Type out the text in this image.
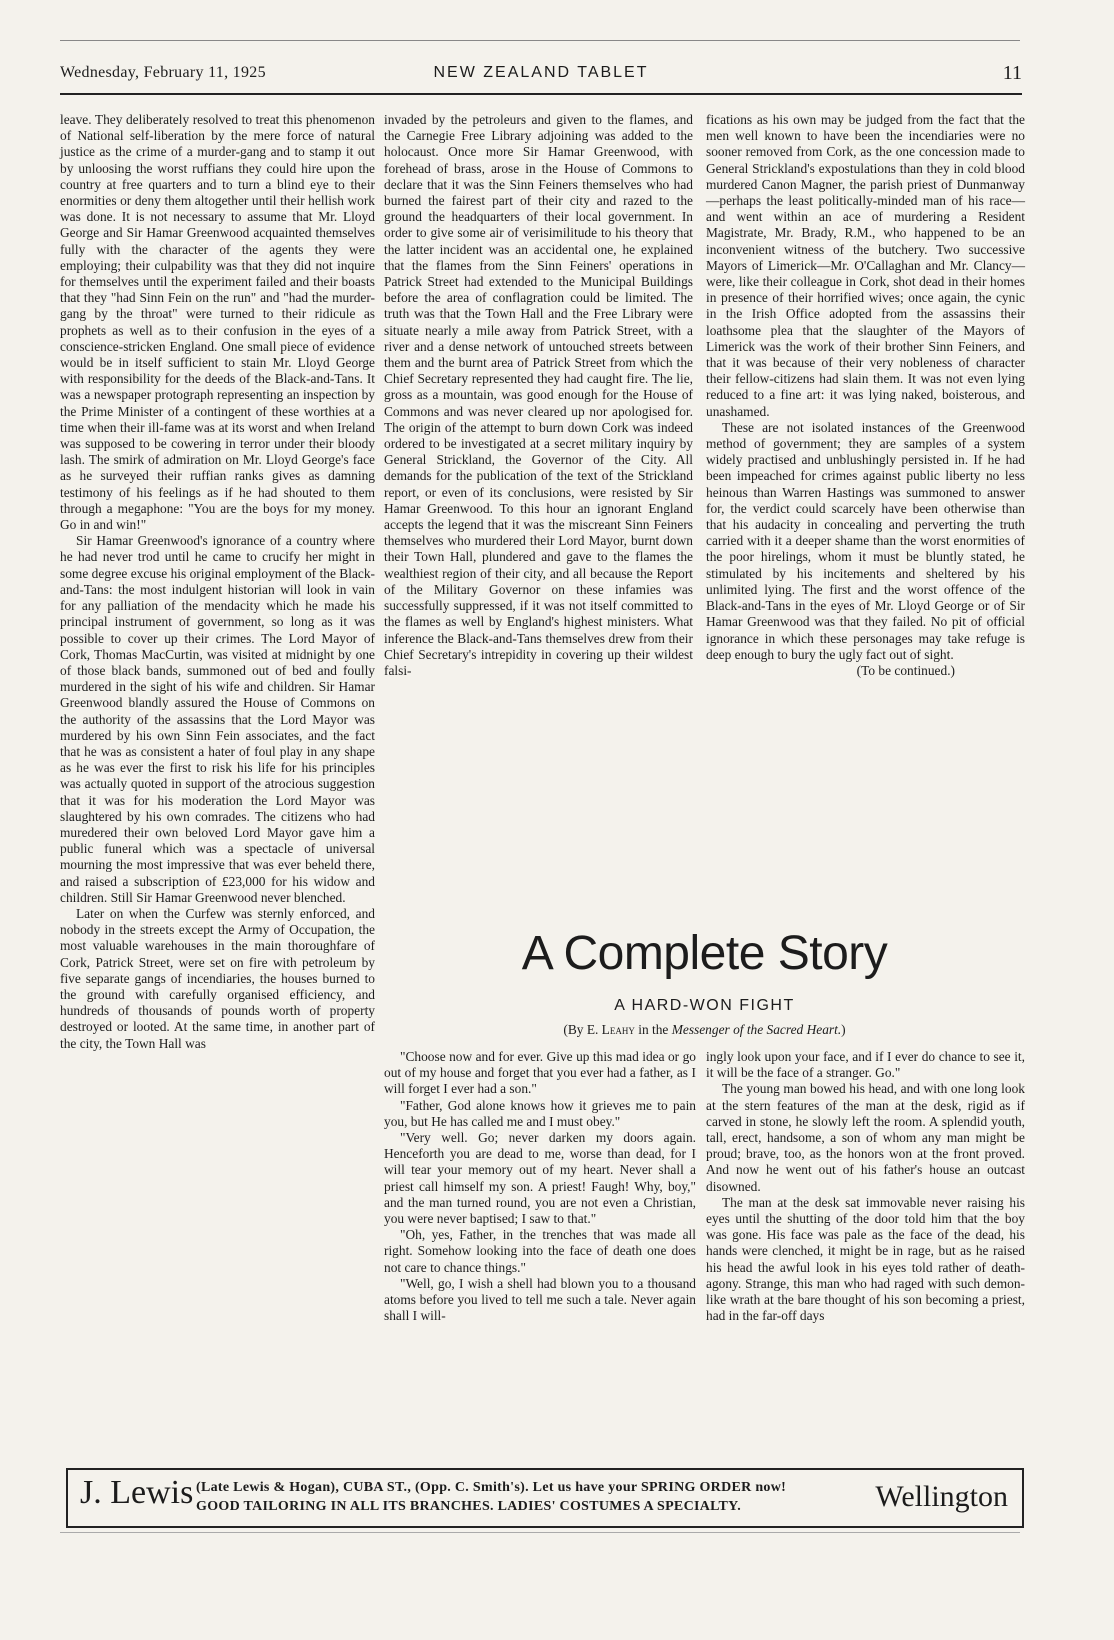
Wednesday, February 11, 1925	NEW ZEALAND TABLET	11

leave. They deliberately resolved to treat this phenomenon of National self-liberation by the mere force of natural justice as the crime of a murder-gang and to stamp it out by unloosing the worst ruffians they could hire upon the country at free quarters and to turn a blind eye to their enormities or deny them altogether until their hellish work was done. It is not necessary to assume that Mr. Lloyd George and Sir Hamar Greenwood acquainted themselves fully with the character of the agents they were employing; their culpability was that they did not inquire for themselves until the experiment failed and their boasts that they "had Sinn Fein on the run" and "had the murder-gang by the throat" were turned to their ridicule as prophets as well as to their confusion in the eyes of a conscience-stricken England. One small piece of evidence would be in itself sufficient to stain Mr. Lloyd George with responsibility for the deeds of the Black-and-Tans. It was a newspaper protograph representing an inspection by the Prime Minister of a contingent of these worthies at a time when their ill-fame was at its worst and when Ireland was supposed to be cowering in terror under their bloody lash. The smirk of admiration on Mr. Lloyd George's face as he surveyed their ruffian ranks gives as damning testimony of his feelings as if he had shouted to them through a megaphone: "You are the boys for my money. Go in and win!"

Sir Hamar Greenwood's ignorance of a country where he had never trod until he came to crucify her might in some degree excuse his original employment of the Black-and-Tans: the most indulgent historian will look in vain for any palliation of the mendacity which he made his principal instrument of government, so long as it was possible to cover up their crimes. The Lord Mayor of Cork, Thomas MacCurtin, was visited at midnight by one of those black bands, summoned out of bed and foully murdered in the sight of his wife and children. Sir Hamar Greenwood blandly assured the House of Commons on the authority of the assassins that the Lord Mayor was murdered by his own Sinn Fein associates, and the fact that he was as consistent a hater of foul play in any shape as he was ever the first to risk his life for his principles was actually quoted in support of the atrocious suggestion that it was for his moderation the Lord Mayor was slaughtered by his own comrades. The citizens who had muredered their own beloved Lord Mayor gave him a public funeral which was a spectacle of universal mourning the most impressive that was ever beheld there, and raised a subscription of £23,000 for his widow and children. Still Sir Hamar Greenwood never blenched.

Later on when the Curfew was sternly enforced, and nobody in the streets except the Army of Occupation, the most valuable warehouses in the main thoroughfare of Cork, Patrick Street, were set on fire with petroleum by five separate gangs of incendiaries, the houses burned to the ground with carefully organised efficiency, and hundreds of thousands of pounds worth of property destroyed or looted. At the same time, in another part of the city, the Town Hall was

invaded by the petroleurs and given to the flames, and the Carnegie Free Library adjoining was added to the holocaust. Once more Sir Hamar Greenwood, with forehead of brass, arose in the House of Commons to declare that it was the Sinn Feiners themselves who had burned the fairest part of their city and razed to the ground the headquarters of their local government. In order to give some air of verisimilitude to his theory that the latter incident was an accidental one, he explained that the flames from the Sinn Feiners' operations in Patrick Street had extended to the Municipal Buildings before the area of conflagration could be limited. The truth was that the Town Hall and the Free Library were situate nearly a mile away from Patrick Street, with a river and a dense network of untouched streets between them and the burnt area of Patrick Street from which the Chief Secretary represented they had caught fire. The lie, gross as a mountain, was good enough for the House of Commons and was never cleared up nor apologised for. The origin of the attempt to burn down Cork was indeed ordered to be investigated at a secret military inquiry by General Strickland, the Governor of the City. All demands for the publication of the text of the Strickland report, or even of its conclusions, were resisted by Sir Hamar Greenwood. To this hour an ignorant England accepts the legend that it was the miscreant Sinn Feiners themselves who murdered their Lord Mayor, burnt down their Town Hall, plundered and gave to the flames the wealthiest region of their city, and all because the Report of the Military Governor on these infamies was successfully suppressed, if it was not itself committed to the flames as well by England's highest ministers. What inference the Black-and-Tans themselves drew from their Chief Secretary's intrepidity in covering up their wildest falsi-

fications as his own may be judged from the fact that the men well known to have been the incendiaries were no sooner removed from Cork, as the one concession made to General Strickland's expostulations than they in cold blood murdered Canon Magner, the parish priest of Dunmanway—perhaps the least politically-minded man of his race—and went within an ace of murdering a Resident Magistrate, Mr. Brady, R.M., who happened to be an inconvenient witness of the butchery. Two successive Mayors of Limerick—Mr. O'Callaghan and Mr. Clancy—were, like their colleague in Cork, shot dead in their homes in presence of their horrified wives; once again, the cynic in the Irish Office adopted from the assassins their loathsome plea that the slaughter of the Mayors of Limerick was the work of their brother Sinn Feiners, and that it was because of their very nobleness of character their fellow-citizens had slain them. It was not even lying reduced to a fine art: it was lying naked, boisterous, and unashamed.

These are not isolated instances of the Greenwood method of government; they are samples of a system widely practised and unblushingly persisted in. If he had been impeached for crimes against public liberty no less heinous than Warren Hastings was summoned to answer for, the verdict could scarcely have been otherwise than that his audacity in concealing and perverting the truth carried with it a deeper shame than the worst enormities of the poor hirelings, whom it must be bluntly stated, he stimulated by his incitements and sheltered by his unlimited lying. The first and the worst offence of the Black-and-Tans in the eyes of Mr. Lloyd George or of Sir Hamar Greenwood was that they failed. No pit of official ignorance in which these personages may take refuge is deep enough to bury the ugly fact out of sight.

(To be continued.)

A Complete Story
A HARD-WON FIGHT
(By E. Leahy in the Messenger of the Sacred Heart.)

"Choose now and for ever. Give up this mad idea or go out of my house and forget that you ever had a father, as I will forget I ever had a son."

"Father, God alone knows how it grieves me to pain you, but He has called me and I must obey."

"Very well. Go; never darken my doors again. Henceforth you are dead to me, worse than dead, for I will tear your memory out of my heart. Never shall a priest call himself my son. A priest! Faugh! Why, boy," and the man turned round, you are not even a Christian, you were never baptised; I saw to that."

"Oh, yes, Father, in the trenches that was made all right. Somehow looking into the face of death one does not care to chance things."

"Well, go, I wish a shell had blown you to a thousand atoms before you lived to tell me such a tale. Never again shall I will-

ingly look upon your face, and if I ever do chance to see it, it will be the face of a stranger. Go."

The young man bowed his head, and with one long look at the stern features of the man at the desk, rigid as if carved in stone, he slowly left the room. A splendid youth, tall, erect, handsome, a son of whom any man might be proud; brave, too, as the honors won at the front proved. And now he went out of his father's house an outcast disowned.

The man at the desk sat immovable never raising his eyes until the shutting of the door told him that the boy was gone. His face was pale as the face of the dead, his hands were clenched, it might be in rage, but as he raised his head the awful look in his eyes told rather of death-agony. Strange, this man who had raged with such demon-like wrath at the bare thought of his son becoming a priest, had in the far-off days

J. Lewis (Late Lewis & Hogan), CUBA ST., (Opp. C. Smith's). Let us have your SPRING ORDER now!
GOOD TAILORING IN ALL ITS BRANCHES. LADIES' COSTUMES A SPECIALTY.	Wellington
